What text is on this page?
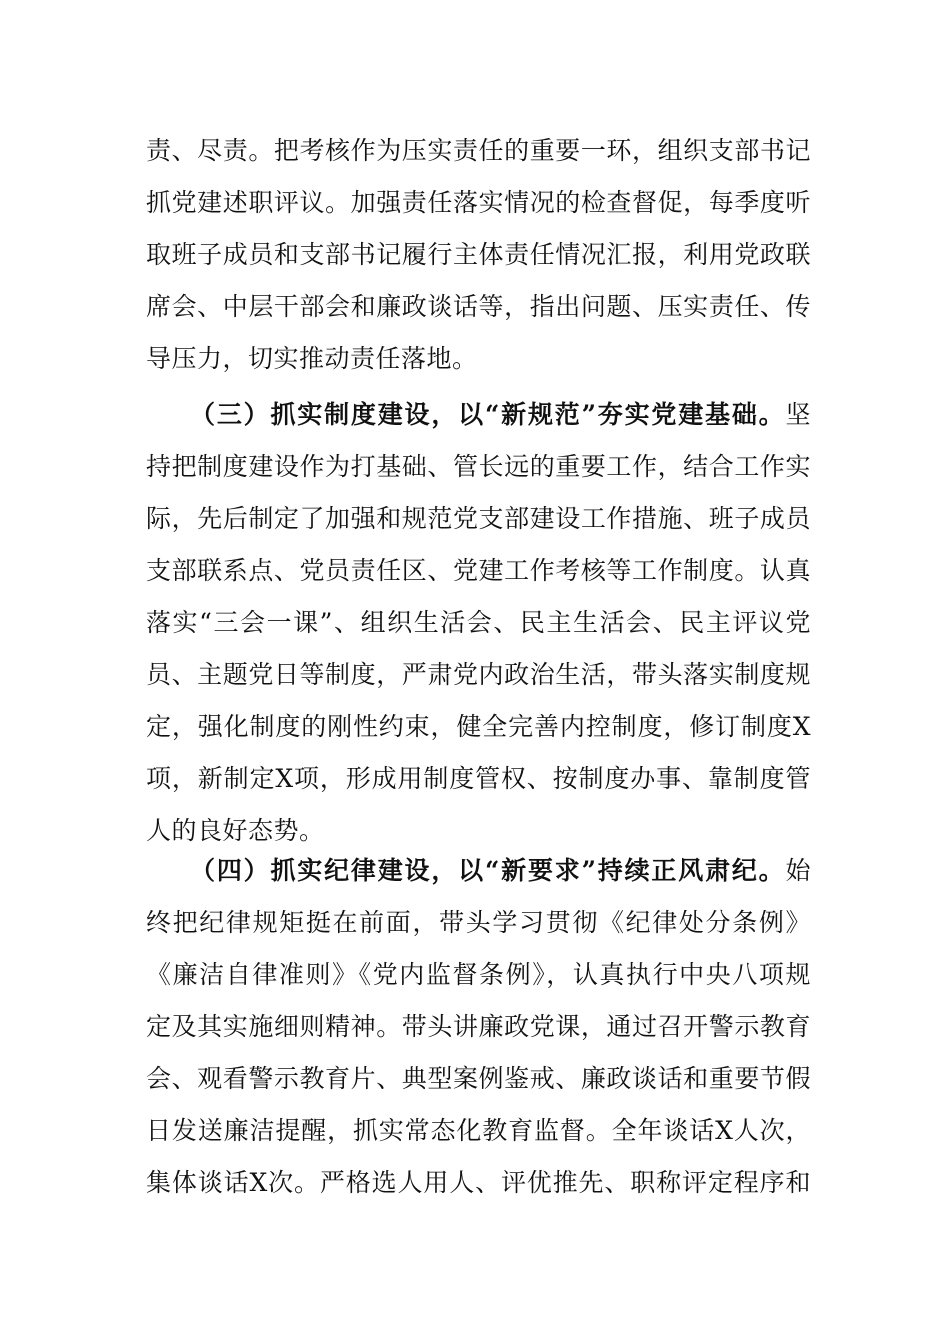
责、尽责。把考核作为压实责任的重要一环，组织支部书记
抓党建述职评议。加强责任落实情况的检查督促，每季度听
取班子成员和支部书记履行主体责任情况汇报，利用党政联
席会、中层干部会和廉政谈话等，指出问题、压实责任、传
导压力，切实推动责任落地。
（三）抓实制度建设，以“新规范”夯实党建基础。坚
持把制度建设作为打基础、管长远的重要工作，结合工作实
际，先后制定了加强和规范党支部建设工作措施、班子成员
支部联系点、党员责任区、党建工作考核等工作制度。认真
落实“三会一课”、组织生活会、民主生活会、民主评议党
员、主题党日等制度，严肃党内政治生活，带头落实制度规
定，强化制度的刚性约束，健全完善内控制度，修订制度X
项，新制定X项，形成用制度管权、按制度办事、靠制度管
人的良好态势。
（四）抓实纪律建设，以“新要求”持续正风肃纪。始
终把纪律规矩挺在前面，带头学习贯彻《纪律处分条例》
《廉洁自律准则》《党内监督条例》，认真执行中央八项规
定及其实施细则精神。带头讲廉政党课，通过召开警示教育
会、观看警示教育片、典型案例鉴戒、廉政谈话和重要节假
日发送廉洁提醒，抓实常态化教育监督。全年谈话X人次，
集体谈话X次。严格选人用人、评优推先、职称评定程序和
